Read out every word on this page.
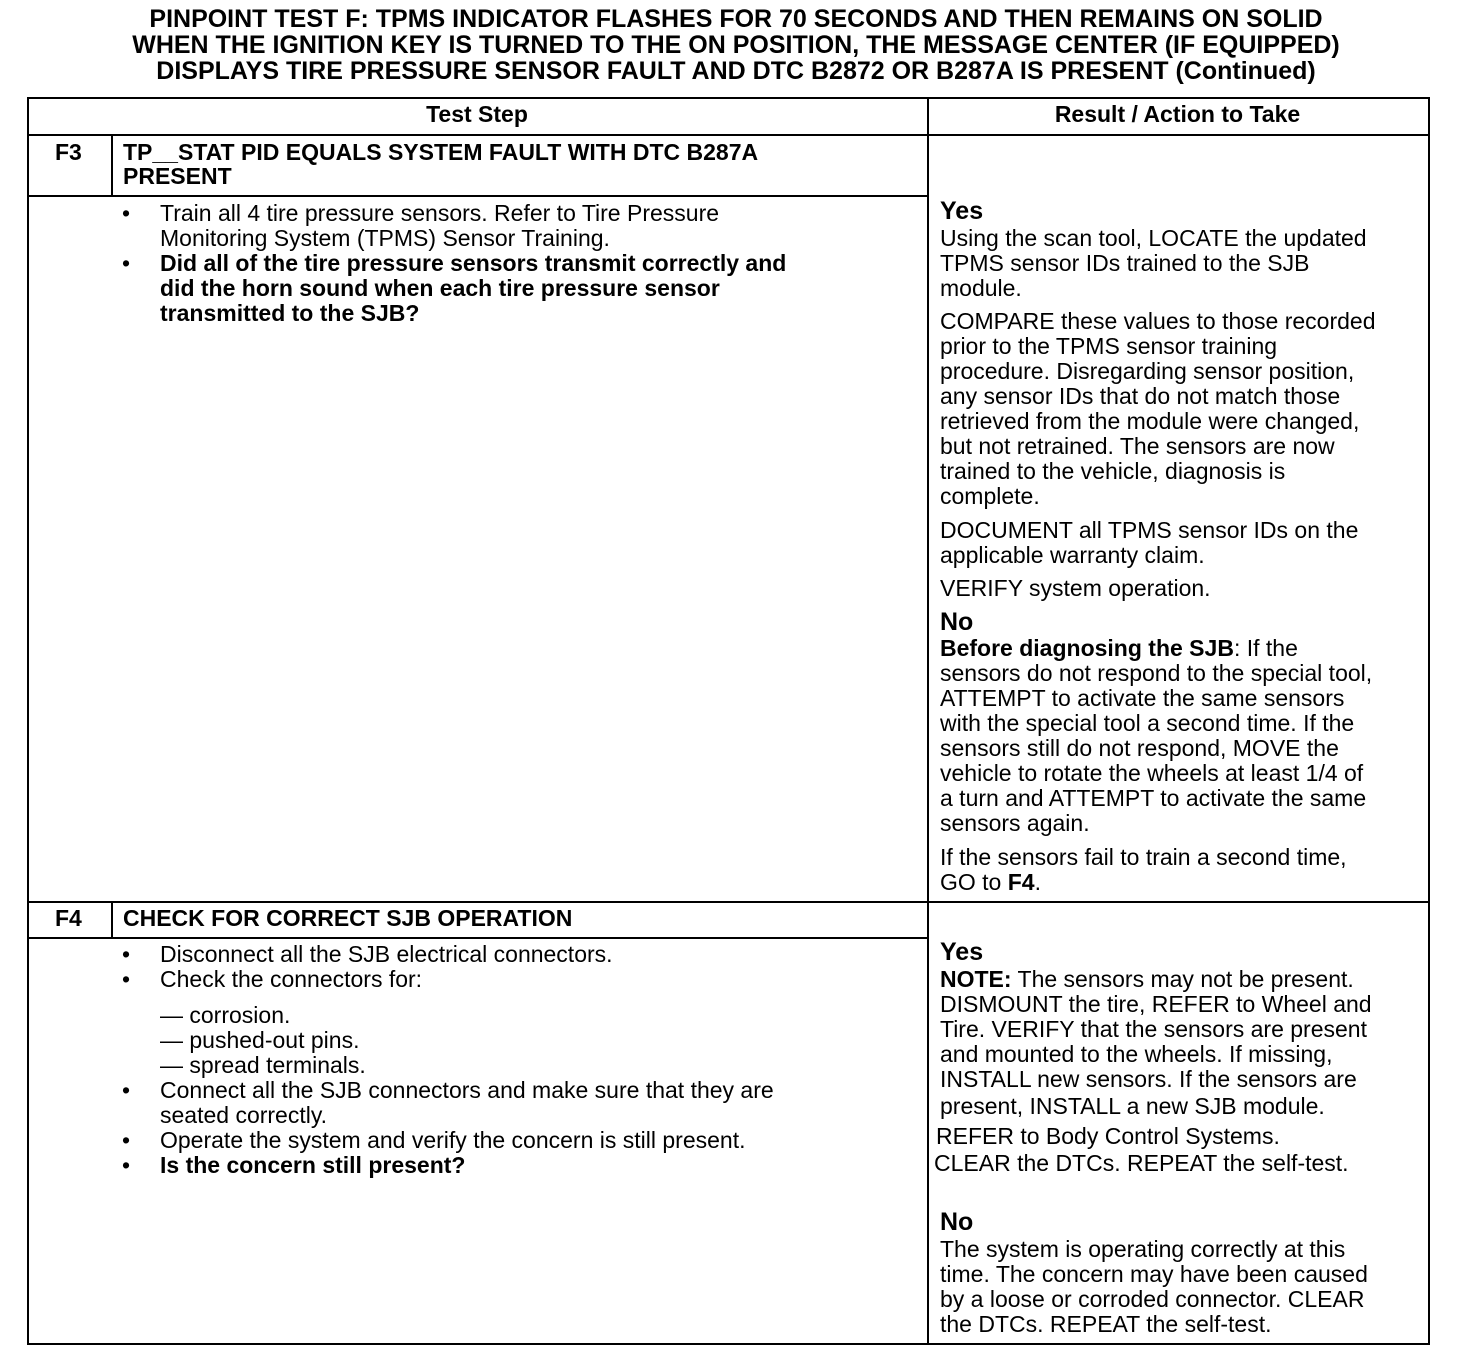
PINPOINT TEST F: TPMS INDICATOR FLASHES FOR 70 SECONDS AND THEN REMAINS ON SOLID
WHEN THE IGNITION KEY IS TURNED TO THE ON POSITION, THE MESSAGE CENTER (IF EQUIPPED)
DISPLAYS TIRE PRESSURE SENSOR FAULT AND DTC B2872 OR B287A IS PRESENT (Continued)
Test Step	Result / Action to Take
F3 TP__STAT PID EQUALS SYSTEM FAULT WITH DTC B287A
PRESENT
• Train all 4 tire pressure sensors. Refer to Tire Pressure
Monitoring System (TPMS) Sensor Training.
• Did all of the tire pressure sensors transmit correctly and
did the horn sound when each tire pressure sensor
transmitted to the SJB?
Yes
Using the scan tool, LOCATE the updated
TPMS sensor IDs trained to the SJB
module.
COMPARE these values to those recorded
prior to the TPMS sensor training
procedure. Disregarding sensor position,
any sensor IDs that do not match those
retrieved from the module were changed,
but not retrained. The sensors are now
trained to the vehicle, diagnosis is
complete.
DOCUMENT all TPMS sensor IDs on the
applicable warranty claim.
VERIFY system operation.
No
Before diagnosing the SJB: If the
sensors do not respond to the special tool,
ATTEMPT to activate the same sensors
with the special tool a second time. If the
sensors still do not respond, MOVE the
vehicle to rotate the wheels at least 1/4 of
a turn and ATTEMPT to activate the same
sensors again.
If the sensors fail to train a second time,
GO to F4.
F4 CHECK FOR CORRECT SJB OPERATION
• Disconnect all the SJB electrical connectors.
• Check the connectors for:
— corrosion.
— pushed-out pins.
— spread terminals.
• Connect all the SJB connectors and make sure that they are
seated correctly.
• Operate the system and verify the concern is still present.
• Is the concern still present?
Yes
NOTE: The sensors may not be present.
DISMOUNT the tire, REFER to Wheel and
Tire. VERIFY that the sensors are present
and mounted to the wheels. If missing,
INSTALL new sensors. If the sensors are
present, INSTALL a new SJB module.
REFER to Body Control Systems.
CLEAR the DTCs. REPEAT the self-test.
No
The system is operating correctly at this
time. The concern may have been caused
by a loose or corroded connector. CLEAR
the DTCs. REPEAT the self-test.
